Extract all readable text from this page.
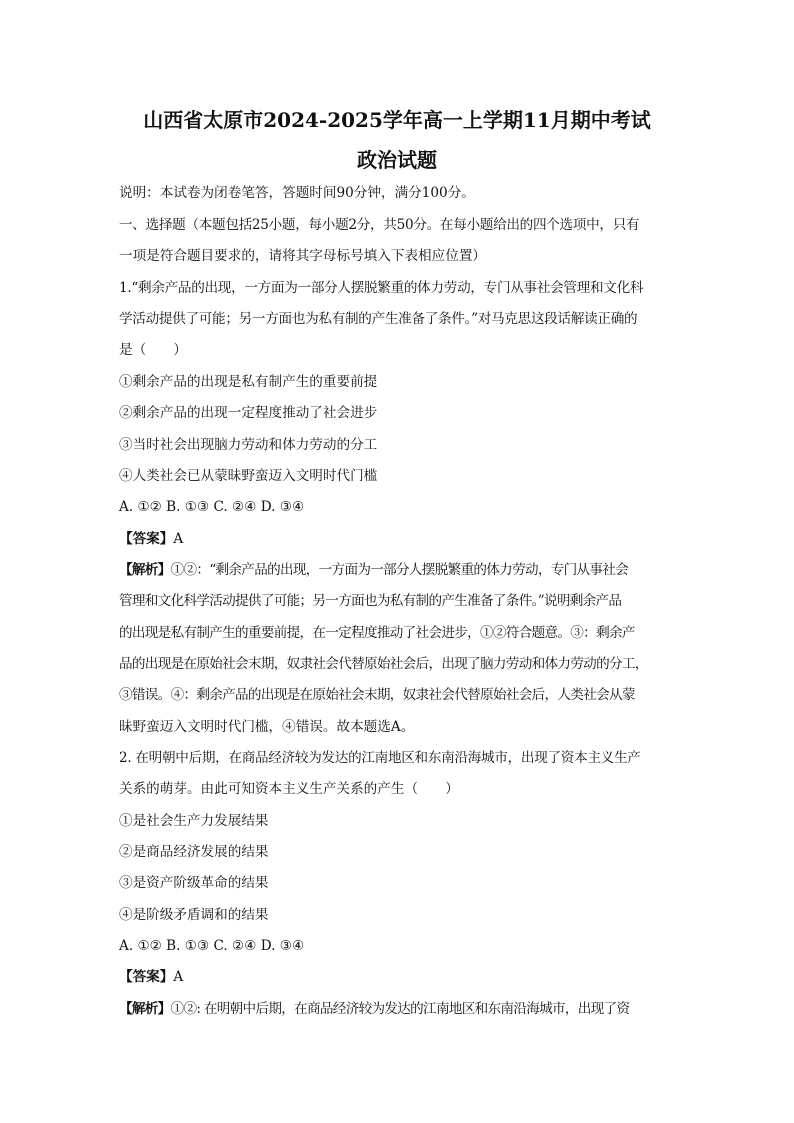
山西省太原市2024-2025学年高一上学期11月期中考试
政治试题
说明：本试卷为闭卷笔答，答题时间90分钟，满分100分。
一、选择题（本题包括25小题，每小题2分，共50分。在每小题给出的四个选项中，只有
一项是符合题目要求的，请将其字母标号填入下表相应位置）
1.“剩余产品的出现，一方面为一部分人摆脱繁重的体力劳动，专门从事社会管理和文化科
学活动提供了可能；另一方面也为私有制的产生准备了条件。”对马克思这段话解读正确的
是（　　）
①剩余产品的出现是私有制产生的重要前提
②剩余产品的出现一定程度推动了社会进步
③当时社会出现脑力劳动和体力劳动的分工
④人类社会已从蒙昧野蛮迈入文明时代门槛
A. ①② B. ①③ C. ②④ D. ③④
【答案】A
【解析】①②：“剩余产品的出现，一方面为一部分人摆脱繁重的体力劳动，专门从事社会
管理和文化科学活动提供了可能；另一方面也为私有制的产生准备了条件。”说明剩余产品
的出现是私有制产生的重要前提，在一定程度推动了社会进步，①②符合题意。③：剩余产
品的出现是在原始社会末期，奴隶社会代替原始社会后，出现了脑力劳动和体力劳动的分工，
③错误。④：剩余产品的出现是在原始社会末期，奴隶社会代替原始社会后，人类社会从蒙
昧野蛮迈入文明时代门槛，④错误。故本题选A。
2. 在明朝中后期，在商品经济较为发达的江南地区和东南沿海城市，出现了资本主义生产
关系的萌芽。由此可知资本主义生产关系的产生（　　）
①是社会生产力发展结果
②是商品经济发展的结果
③是资产阶级革命的结果
④是阶级矛盾调和的结果
A. ①② B. ①③ C. ②④ D. ③④
【答案】A
【解析】①②: 在明朝中后期，在商品经济较为发达的江南地区和东南沿海城市，出现了资
